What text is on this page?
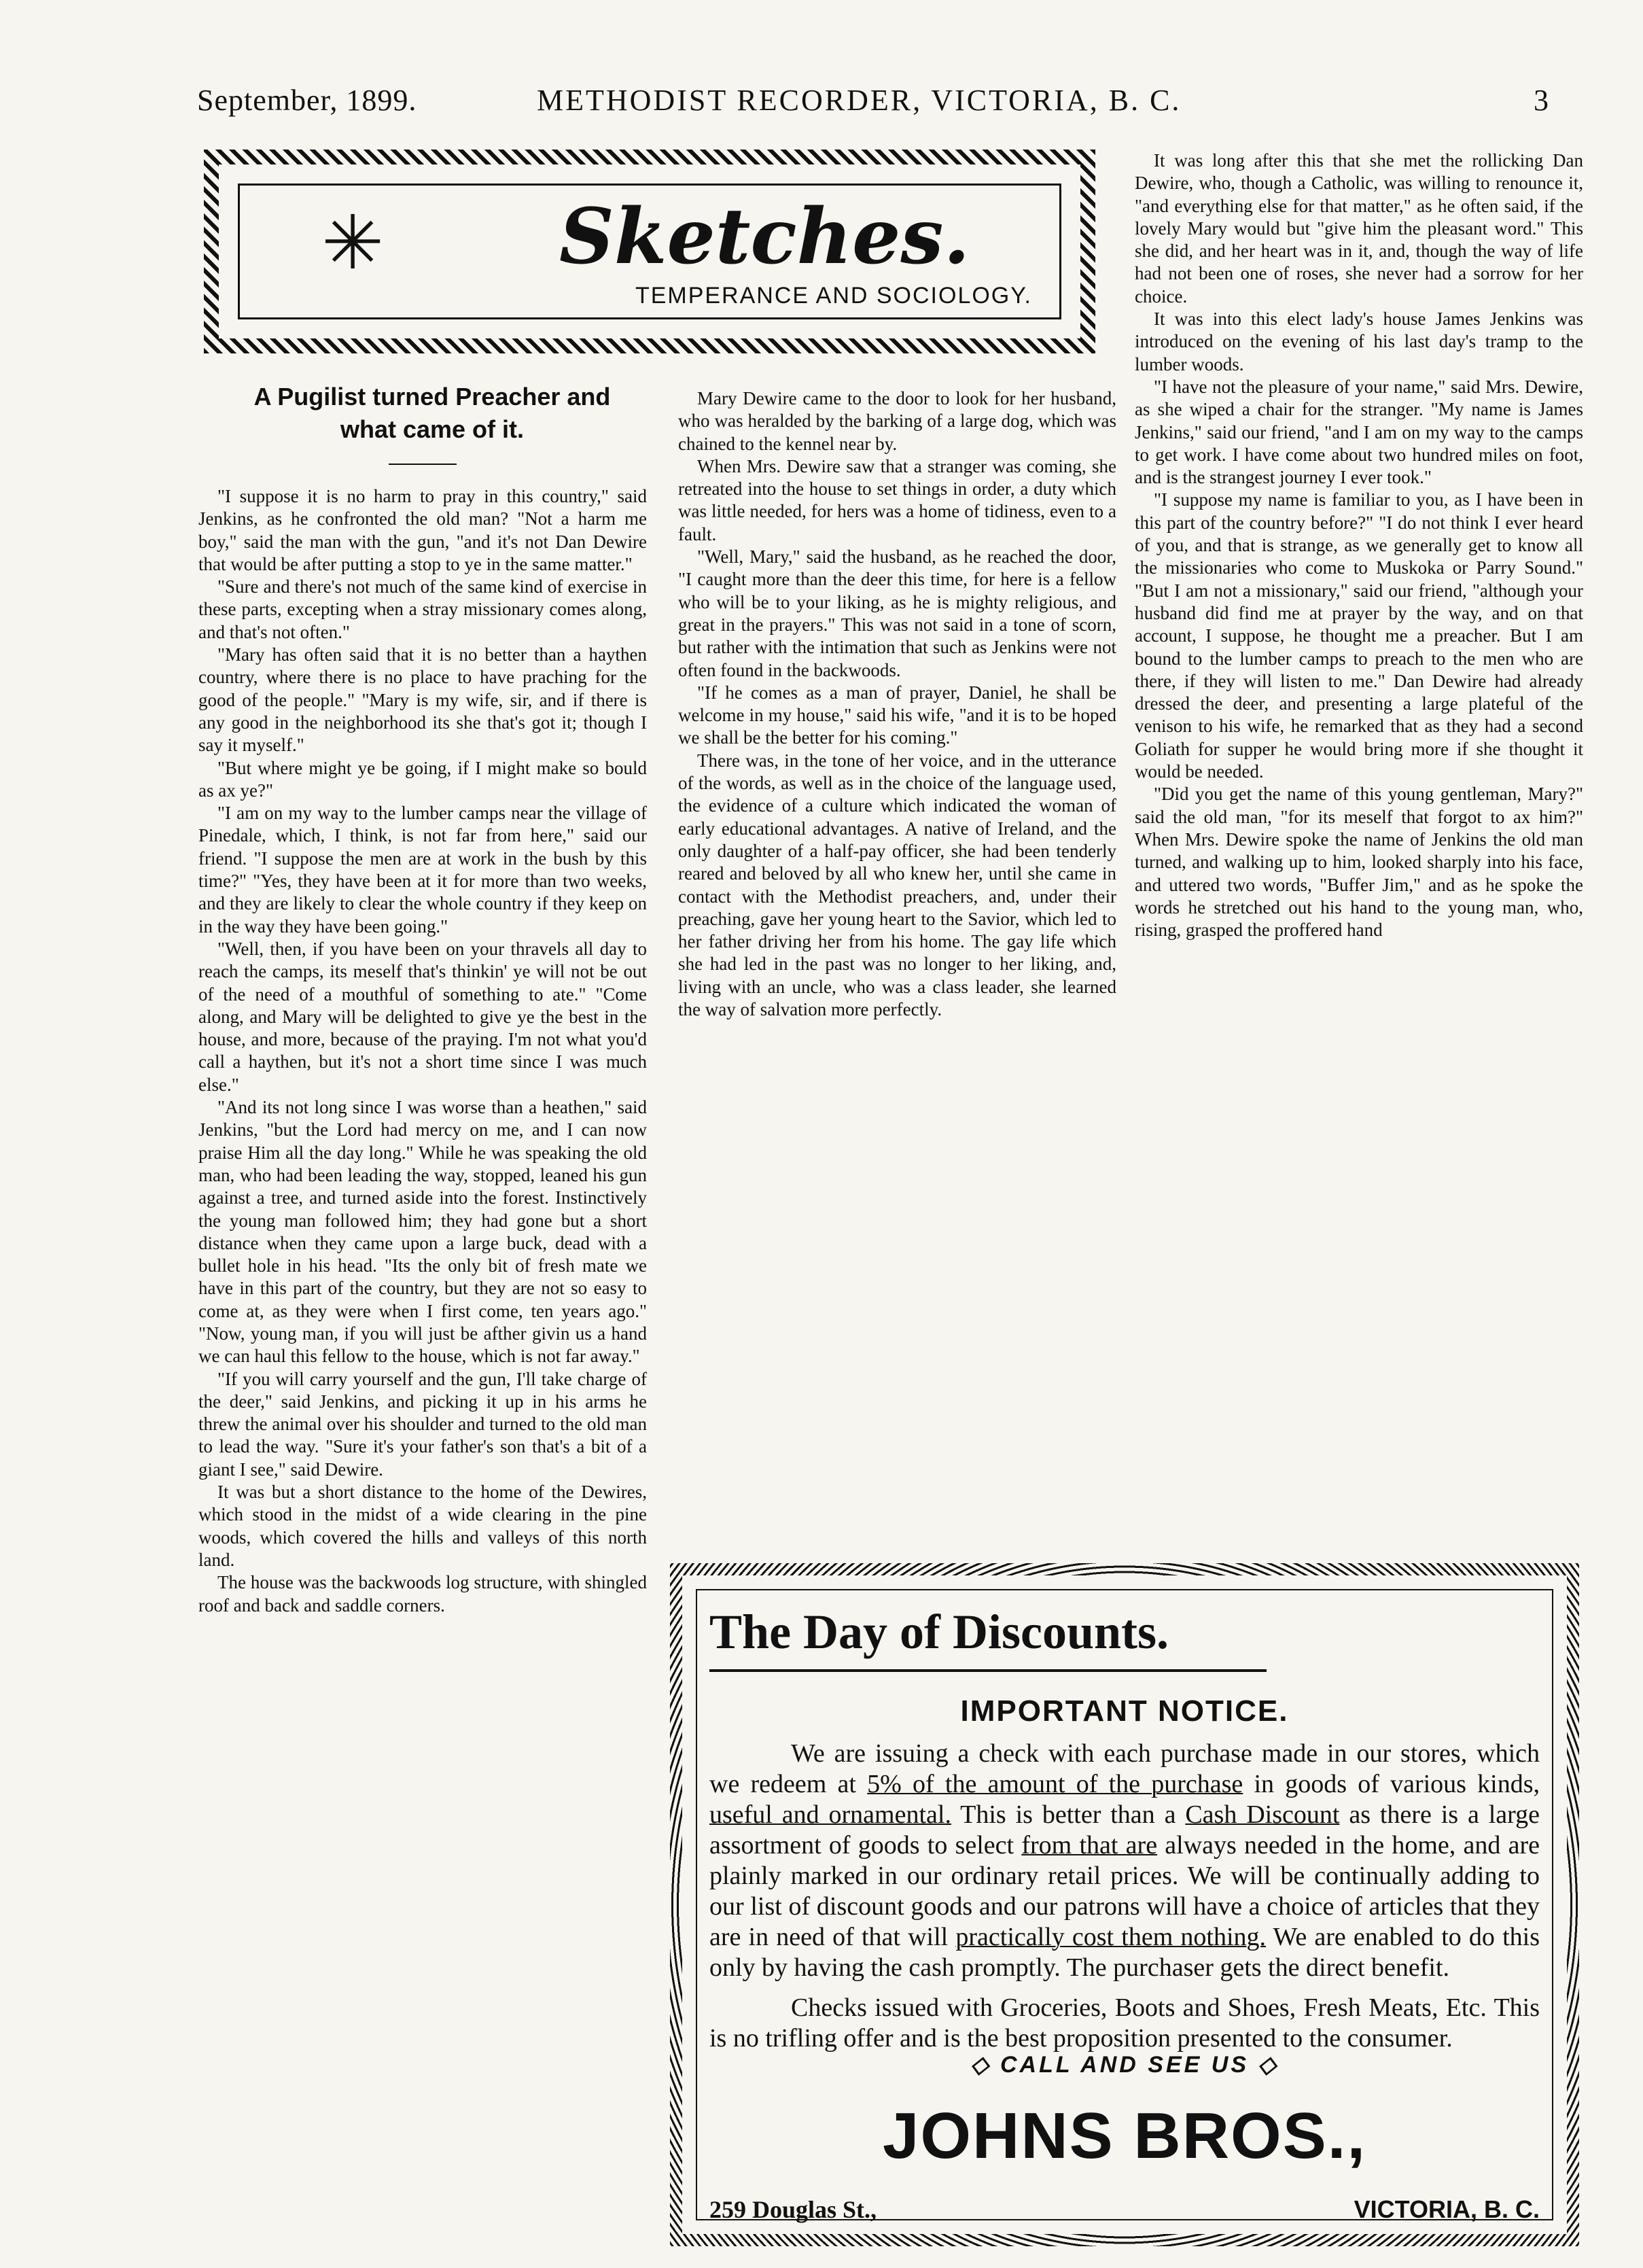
September, 1899.	METHODIST RECORDER, VICTORIA, B. C.	3
✳ Sketches.
TEMPERANCE AND SOCIOLOGY.

A Pugilist turned Preacher and

what came of it.

"I suppose it is no harm to pray in this country," said Jenkins, as he confronted the old man? "Not a harm me boy," said the man with the gun, "and it's not Dan Dewire that would be after putting a stop to ye in the same matter."

"Sure and there's not much of the same kind of exercise in these parts, excepting when a stray missionary comes along, and that's not often."

"Mary has often said that it is no better than a haythen country, where there is no place to have praching for the good of the people." "Mary is my wife, sir, and if there is any good in the neighborhood its she that's got it; though I say it myself."

"But where might ye be going, if I might make so bould as ax ye?"

"I am on my way to the lumber camps near the village of Pinedale, which, I think, is not far from here," said our friend. "I suppose the men are at work in the bush by this time?" "Yes, they have been at it for more than two weeks, and they are likely to clear the whole country if they keep on in the way they have been going."

"Well, then, if you have been on your thravels all day to reach the camps, its meself that's thinkin' ye will not be out of the need of a mouthful of something to ate." "Come along, and Mary will be delighted to give ye the best in the house, and more, because of the praying. I'm not what you'd call a haythen, but it's not a short time since I was much else."

"And its not long since I was worse than a heathen," said Jenkins, "but the Lord had mercy on me, and I can now praise Him all the day long." While he was speaking the old man, who had been leading the way, stopped, leaned his gun against a tree, and turned aside into the forest. Instinctively the young man followed him; they had gone but a short distance when they came upon a large buck, dead with a bullet hole in his head. "Its the only bit of fresh mate we have in this part of the country, but they are not so easy to come at, as they were when I first come, ten years ago." "Now, young man, if you will just be afther givin us a hand we can haul this fellow to the house, which is not far away."

"If you will carry yourself and the gun, I'll take charge of the deer," said Jenkins, and picking it up in his arms he threw the animal over his shoulder and turned to the old man to lead the way. "Sure it's your father's son that's a bit of a giant I see," said Dewire.

It was but a short distance to the home of the Dewires, which stood in the midst of a wide clearing in the pine woods, which covered the hills and valleys of this north land.

The house was the backwoods log structure, with shingled roof and back and saddle corners.

Mary Dewire came to the door to look for her husband, who was heralded by the barking of a large dog, which was chained to the kennel near by.

When Mrs. Dewire saw that a stranger was coming, she retreated into the house to set things in order, a duty which was little needed, for hers was a home of tidiness, even to a fault.

"Well, Mary," said the husband, as he reached the door, "I caught more than the deer this time, for here is a fellow who will be to your liking, as he is mighty religious, and great in the prayers." This was not said in a tone of scorn, but rather with the intimation that such as Jenkins were not often found in the backwoods.

"If he comes as a man of prayer, Daniel, he shall be welcome in my house," said his wife, "and it is to be hoped we shall be the better for his coming."

There was, in the tone of her voice, and in the utterance of the words, as well as in the choice of the language used, the evidence of a culture which indicated the woman of early educational advantages. A native of Ireland, and the only daughter of a half-pay officer, she had been tenderly reared and beloved by all who knew her, until she came in contact with the Methodist preachers, and, under their preaching, gave her young heart to the Savior, which led to her father driving her from his home. The gay life which she had led in the past was no longer to her liking, and, living with an uncle, who was a class leader, she learned the way of salvation more perfectly.

It was long after this that she met the rollicking Dan Dewire, who, though a Catholic, was willing to renounce it, "and everything else for that matter," as he often said, if the lovely Mary would but "give him the pleasant word." This she did, and her heart was in it, and, though the way of life had not been one of roses, she never had a sorrow for her choice.

It was into this elect lady's house James Jenkins was introduced on the evening of his last day's tramp to the lumber woods.

"I have not the pleasure of your name," said Mrs. Dewire, as she wiped a chair for the stranger. "My name is James Jenkins," said our friend, "and I am on my way to the camps to get work. I have come about two hundred miles on foot, and is the strangest journey I ever took."

"I suppose my name is familiar to you, as I have been in this part of the country before?" "I do not think I ever heard of you, and that is strange, as we generally get to know all the missionaries who come to Muskoka or Parry Sound." "But I am not a missionary," said our friend, "although your husband did find me at prayer by the way, and on that account, I suppose, he thought me a preacher. But I am bound to the lumber camps to preach to the men who are there, if they will listen to me." Dan Dewire had already dressed the deer, and presenting a large plateful of the venison to his wife, he remarked that as they had a second Goliath for supper he would bring more if she thought it would be needed.

"Did you get the name of this young gentleman, Mary?" said the old man, "for its meself that forgot to ax him?" When Mrs. Dewire spoke the name of Jenkins the old man turned, and walking up to him, looked sharply into his face, and uttered two words, "Buffer Jim," and as he spoke the words he stretched out his hand to the young man, who, rising, grasped the proffered hand

The Day of Discounts.
IMPORTANT NOTICE.

We are issuing a check with each purchase made in our stores, which we redeem at 5% of the amount of the purchase in goods of various kinds, useful and ornamental. This is better than a Cash Discount as there is a large assortment of goods to select from that are always needed in the home, and are plainly marked in our ordinary retail prices. We will be continually adding to our list of discount goods and our patrons will have a choice of articles that they are in need of that will practically cost them nothing. We are enabled to do this only by having the cash promptly. The purchaser gets the direct benefit.

Checks issued with Groceries, Boots and Shoes, Fresh Meats, Etc. This is no trifling offer and is the best proposition presented to the consumer.

◇ CALL AND SEE US ◇
JOHNS BROS.,
259 Douglas St.,	VICTORIA, B. C.
